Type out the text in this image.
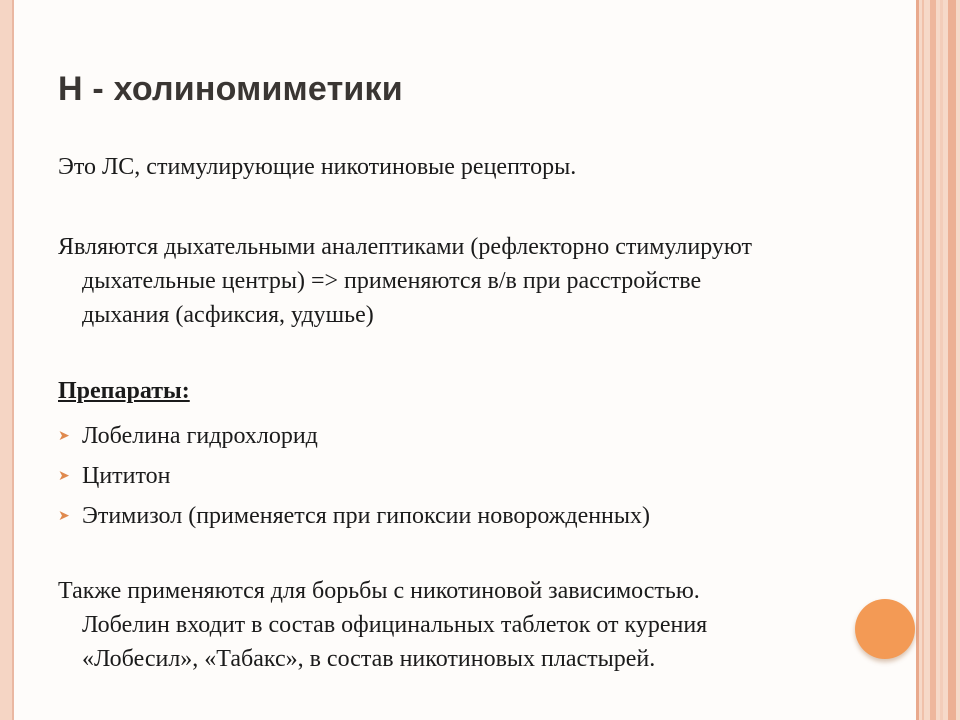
Н - холиномиметики

Это ЛС, стимулирующие никотиновые рецепторы.

Являются дыхательными аналептиками (рефлекторно стимулируют
дыхательные центры) => применяются в/в при расстройстве
дыхания (асфиксия, удушье)

Препараты:

➤ Лобелина гидрохлорид
➤ Цититон
➤ Этимизол (применяется при гипоксии новорожденных)
Также применяются для борьбы с никотиновой зависимостью.
Лобелин входит в состав официнальных таблеток от курения
«Лобесил», «Табакс», в состав никотиновых пластырей.
